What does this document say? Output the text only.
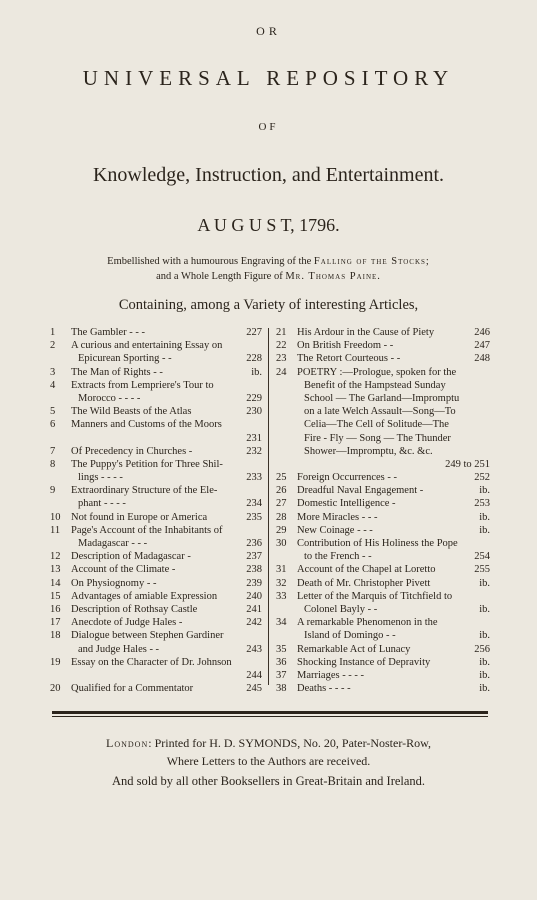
OR
UNIVERSAL REPOSITORY
OF
Knowledge, Instruction, and Entertainment.
A U G U S T, 1796.
Embellished with a humourous Engraving of the Falling of the Stocks;
and a Whole Length Figure of Mr. Thomas Paine.
Containing, among a Variety of interesting Articles,
1	The Gambler - - -	227
2	A curious and entertaining Essay on
Epicurean Sporting - -	228
3	The Man of Rights - -	ib.
4	Extracts from Lempriere's Tour to
Morocco - - - -	229
5	The Wild Beasts of the Atlas	230
6	Manners and Customs of the Moors
231
7	Of Precedency in Churches -	232
8	The Puppy's Petition for Three Shil-
lings - - - -	233
9	Extraordinary Structure of the Ele-
phant - - - -	234
10	Not found in Europe or America	235
11	Page's Account of the Inhabitants of
Madagascar - - -	236
12	Description of Madagascar -	237
13	Account of the Climate -	238
14	On Physiognomy - -	239
15	Advantages of amiable Expression	240
16	Description of Rothsay Castle	241
17	Anecdote of Judge Hales -	242
18	Dialogue between Stephen Gardiner
and Judge Hales - -	243
19	Essay on the Character of Dr. Johnson
244
20	Qualified for a Commentator	245
21	His Ardour in the Cause of Piety	246
22	On British Freedom - -	247
23	The Retort Courteous - -	248
24	POETRY :—Prologue, spoken for the
Benefit of the Hampstead Sunday
School — The Garland—Impromptu
on a late Welch Assault—Song—To
Celia—The Cell of Solitude—The
Fire - Fly — Song — The Thunder
Shower—Impromptu, &c. &c.
249 to 251
25	Foreign Occurrences - -	252
26	Dreadful Naval Engagement -	ib.
27	Domestic Intelligence -	253
28	More Miracles - - -	ib.
29	New Coinage - - -	ib.
30	Contribution of His Holiness the Pope
to the French - -	254
31	Account of the Chapel at Loretto	255
32	Death of Mr. Christopher Pivett	ib.
33	Letter of the Marquis of Titchfield to
Colonel Bayly - -	ib.
34	A remarkable Phenomenon in the
Island of Domingo - -	ib.
35	Remarkable Act of Lunacy	256
36	Shocking Instance of Depravity	ib.
37	Marriages - - - -	ib.
38	Deaths - - - -	ib.
London: Printed for H. D. SYMONDS, No. 20, Pater-Noster-Row,
Where Letters to the Authors are received.
And sold by all other Booksellers in Great-Britain and Ireland.
